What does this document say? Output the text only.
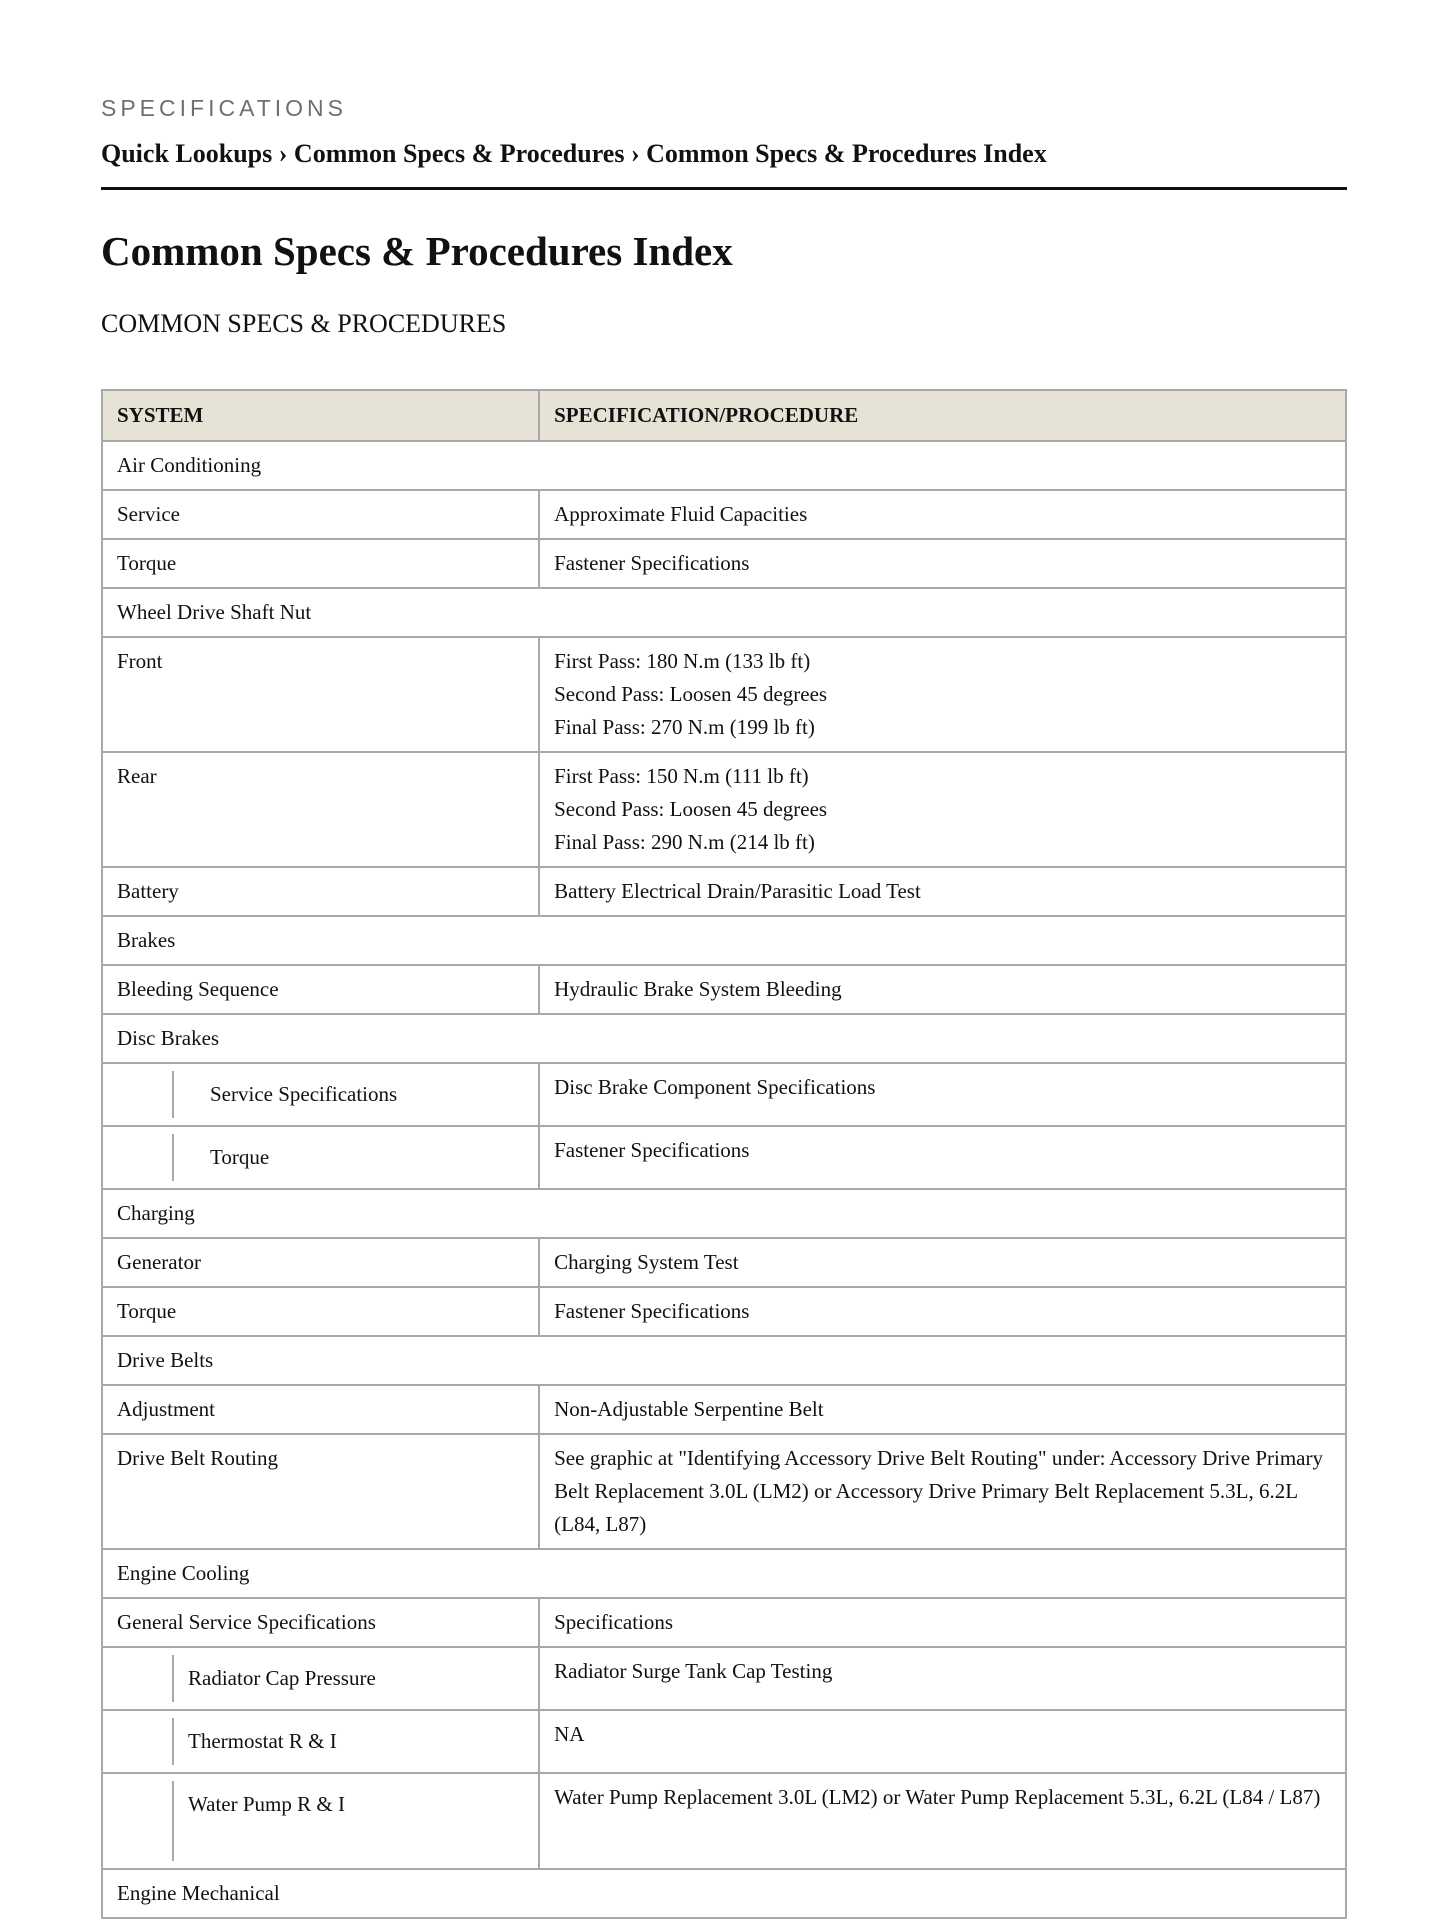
SPECIFICATIONS
Quick Lookups › Common Specs & Procedures › Common Specs & Procedures Index
Common Specs & Procedures Index
COMMON SPECS & PROCEDURES
SYSTEM	SPECIFICATION/PROCEDURE
Air Conditioning	
Service	Approximate Fluid Capacities
Torque	Fastener Specifications
Wheel Drive Shaft Nut	
Front	First Pass: 180 N.m (133 lb ft)
Second Pass: Loosen 45 degrees
Final Pass: 270 N.m (199 lb ft)

Rear	First Pass: 150 N.m (111 lb ft)
Second Pass: Loosen 45 degrees
Final Pass: 290 N.m (214 lb ft)

Battery	Battery Electrical Drain/Parasitic Load Test
Brakes	
Bleeding Sequence	Hydraulic Brake System Bleeding
Disc Brakes	

Service Specifications	Disc Brake Component Specifications

Torque	Fastener Specifications
Charging	
Generator	Charging System Test
Torque	Fastener Specifications
Drive Belts	
Adjustment	Non-Adjustable Serpentine Belt
Drive Belt Routing	See graphic at "Identifying Accessory Drive Belt Routing" under: Accessory Drive Primary Belt Replacement 3.0L (LM2) or Accessory Drive Primary Belt Replacement 5.3L, 6.2L (L84, L87)
Engine Cooling	
General Service Specifications	Specifications

Radiator Cap Pressure	Radiator Surge Tank Cap Testing

Thermostat R & I	NA

Water Pump R & I	Water Pump Replacement 3.0L (LM2) or Water Pump Replacement 5.3L, 6.2L (L84 / L87)
Engine Mechanical	
